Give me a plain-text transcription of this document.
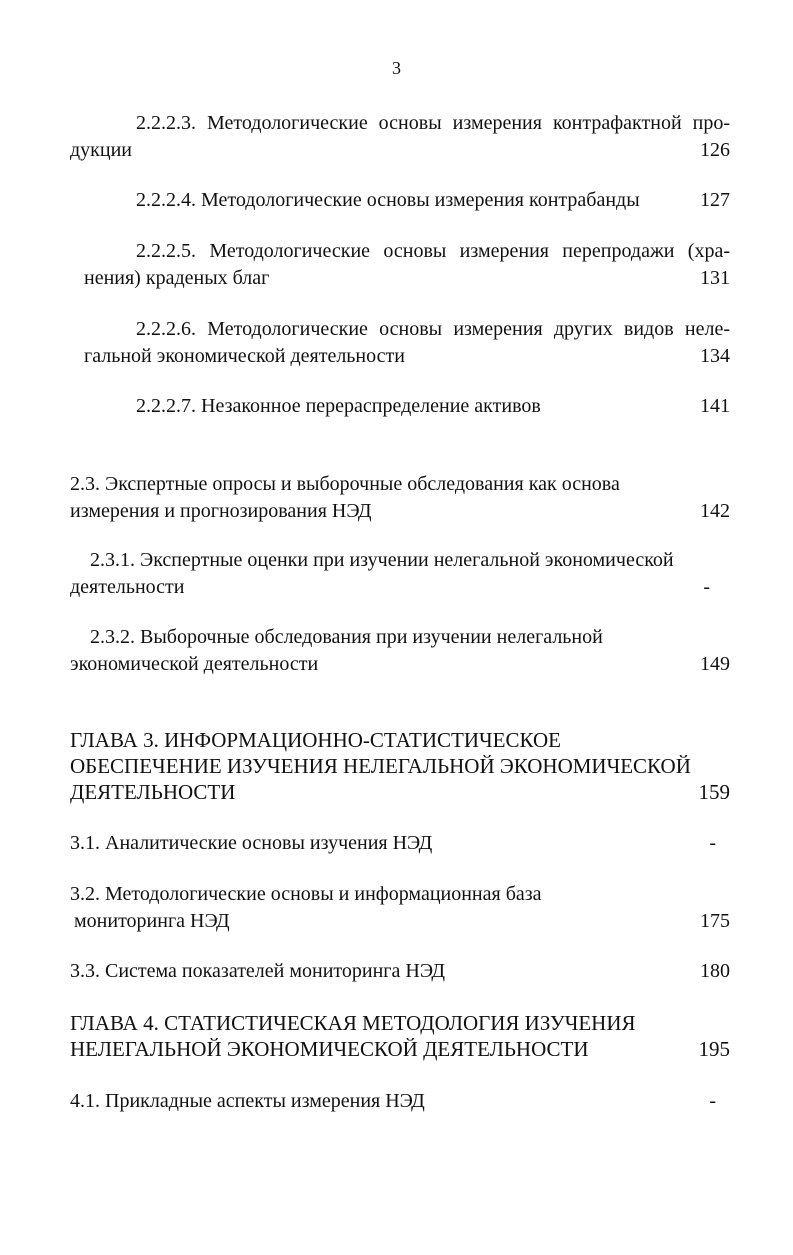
3
2.2.2.3. Методологические основы измерения контрафактной про-
дукции	126
2.2.2.4. Методологические основы измерения контрабанды	127
2.2.2.5. Методологические основы измерения перепродажи (хра-
нения) краденых благ	131
2.2.2.6. Методологические основы измерения других видов неле-
гальной экономической деятельности	134
2.2.2.7. Незаконное перераспределение активов	141
2.3. Экспертные опросы и выборочные обследования как основа
измерения и прогнозирования НЭД	142
2.3.1. Экспертные оценки при изучении нелегальной экономической
деятельности	-
2.3.2. Выборочные обследования при изучении нелегальной
экономической деятельности	149
ГЛАВА 3. ИНФОРМАЦИОННО-СТАТИСТИЧЕСКОЕ
ОБЕСПЕЧЕНИЕ ИЗУЧЕНИЯ НЕЛЕГАЛЬНОЙ ЭКОНОМИЧЕСКОЙ
ДЕЯТЕЛЬНОСТИ	159
3.1. Аналитические основы изучения НЭД	-
3.2. Методологические основы и информационная база
мониторинга НЭД	175
3.3. Система показателей мониторинга НЭД	180
ГЛАВА 4. СТАТИСТИЧЕСКАЯ МЕТОДОЛОГИЯ ИЗУЧЕНИЯ
НЕЛЕГАЛЬНОЙ ЭКОНОМИЧЕСКОЙ ДЕЯТЕЛЬНОСТИ	195
4.1. Прикладные аспекты измерения НЭД	-
